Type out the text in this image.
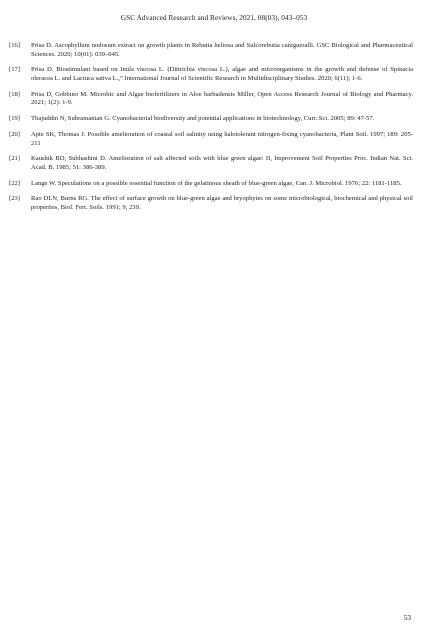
GSC Advanced Research and Reviews, 2021, 08(03), 043–053
[16]	Prisa D. Ascophyllum nodosum extract on growth plants in Rebutia heliosa and Sulcorebutia canigueralli. GSC Biological and Pharmaceutical Sciences. 2020; 10(01): 039–045.
[17]	Prisa D. Biostimulant based on Inula viscosa L. (Dittrichia viscosa L.), algae and microorganisms in the growth and defense of Spinacia oleracea L. and Lactuca sativa L.,” International Journal of Scientific Research in Multidisciplinary Studies. 2020; 6(11); 1-6.
[18]	Prisa D, Gobbino M. Microbic and Algae biofertilizers in Aloe barbadensis Miller, Open Access Research Journal of Biology and Pharmacy. 2021; 1(2): 1-9.
[19]	Thajuddin N, Subramanian G. Cyanobacterial biodiversity and potential applications in biotechnology, Curr. Sci. 2005; 89: 47-57.
[20]	Apte SK, Thomas J. Possible amelioration of coastal soil salinity using halotolerant nitrogen-fixing cyanobacteria, Plant Soil. 1997; 189: 205-211
[21]	Kaushik BD, Subhashini D. Amelioration of salt affected soils with blue green algae: II, Improvement Soil Properties Proc. Indian Nat. Sci. Acad. B. 1985; 51: 386-389.
[22]	Lange W. Speculations on a possible essential function of the gelatinous sheath of blue-green algae, Can. J. Microbiol. 1976; 22: 1181-1185.
[23]	Rao DLN, Burns RG. The effect of surface growth on blue-green algae and bryophytes on some microbiological, biochemical and physical soil properties, Biol. Fert. Soils. 1991; 9, 239.
53
